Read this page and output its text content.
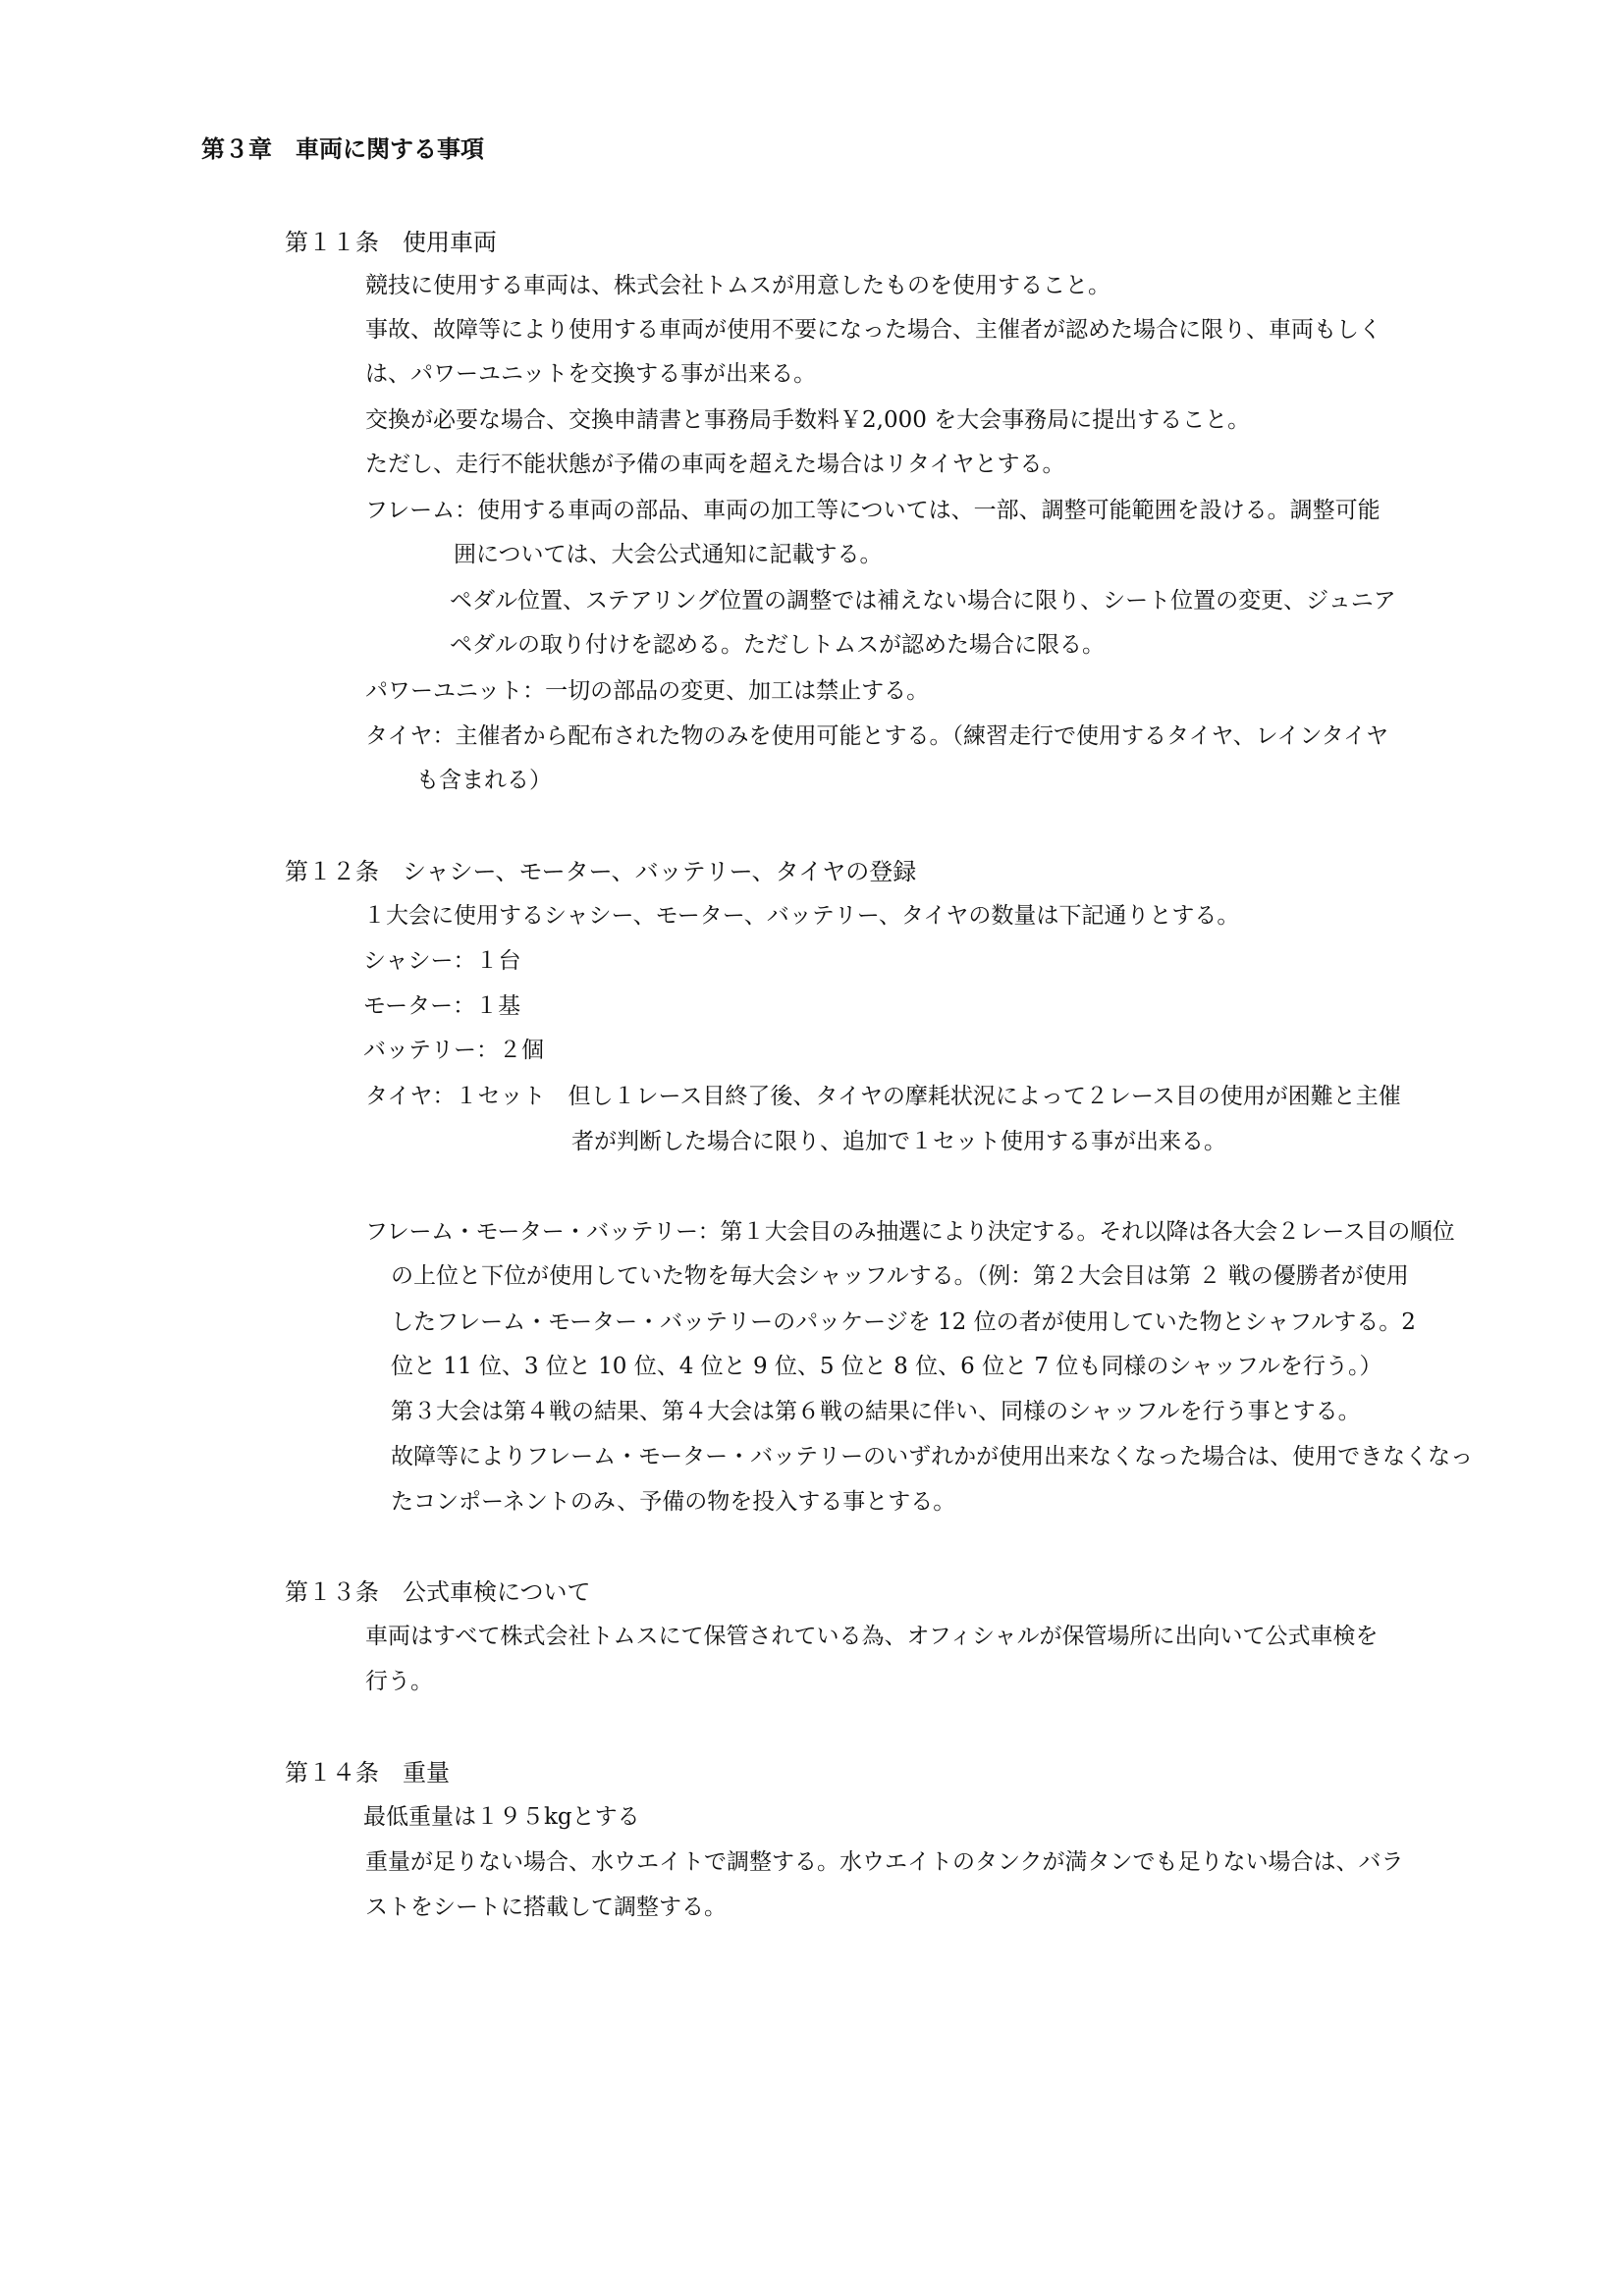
第３章　車両に関する事項

第１１条　使用車両

競技に使用する車両は、株式会社トムスが用意したものを使用すること。

事故、故障等により使用する車両が使用不要になった場合、主催者が認めた場合に限り、車両もしく

は、パワーユニットを交換する事が出来る。

交換が必要な場合、交換申請書と事務局手数料￥2,000 を大会事務局に提出すること。

ただし、走行不能状態が予備の車両を超えた場合はリタイヤとする。

フレーム：使用する車両の部品、車両の加工等については、一部、調整可能範囲を設ける。調整可能

囲については、大会公式通知に記載する。

ペダル位置、ステアリング位置の調整では補えない場合に限り、シート位置の変更、ジュニア

ペダルの取り付けを認める。ただしトムスが認めた場合に限る。

パワーユニット：一切の部品の変更、加工は禁止する。

タイヤ：主催者から配布された物のみを使用可能とする。（練習走行で使用するタイヤ、レインタイヤ

も含まれる）

第１２条　シャシー、モーター、バッテリー、タイヤの登録

１大会に使用するシャシー、モーター、バッテリー、タイヤの数量は下記通りとする。

シャシー：１台

モーター：１基

バッテリー：２個

タイヤ：１セット　但し１レース目終了後、タイヤの摩耗状況によって２レース目の使用が困難と主催

者が判断した場合に限り、追加で１セット使用する事が出来る。

フレーム・モーター・バッテリー：第１大会目のみ抽選により決定する。それ以降は各大会２レース目の順位

の上位と下位が使用していた物を毎大会シャッフルする。（例：第２大会目は第 ２ 戦の優勝者が使用

したフレーム・モーター・バッテリーのパッケージを 12 位の者が使用していた物とシャフルする。2

位と 11 位、3 位と 10 位、4 位と 9 位、5 位と 8 位、6 位と 7 位も同様のシャッフルを行う。）

第３大会は第４戦の結果、第４大会は第６戦の結果に伴い、同様のシャッフルを行う事とする。

故障等によりフレーム・モーター・バッテリーのいずれかが使用出来なくなった場合は、使用できなくなっ

たコンポーネントのみ、予備の物を投入する事とする。

第１３条　公式車検について

車両はすべて株式会社トムスにて保管されている為、オフィシャルが保管場所に出向いて公式車検を

行う。

第１４条　重量

最低重量は１９５kgとする

重量が足りない場合、水ウエイトで調整する。水ウエイトのタンクが満タンでも足りない場合は、バラ

ストをシートに搭載して調整する。
